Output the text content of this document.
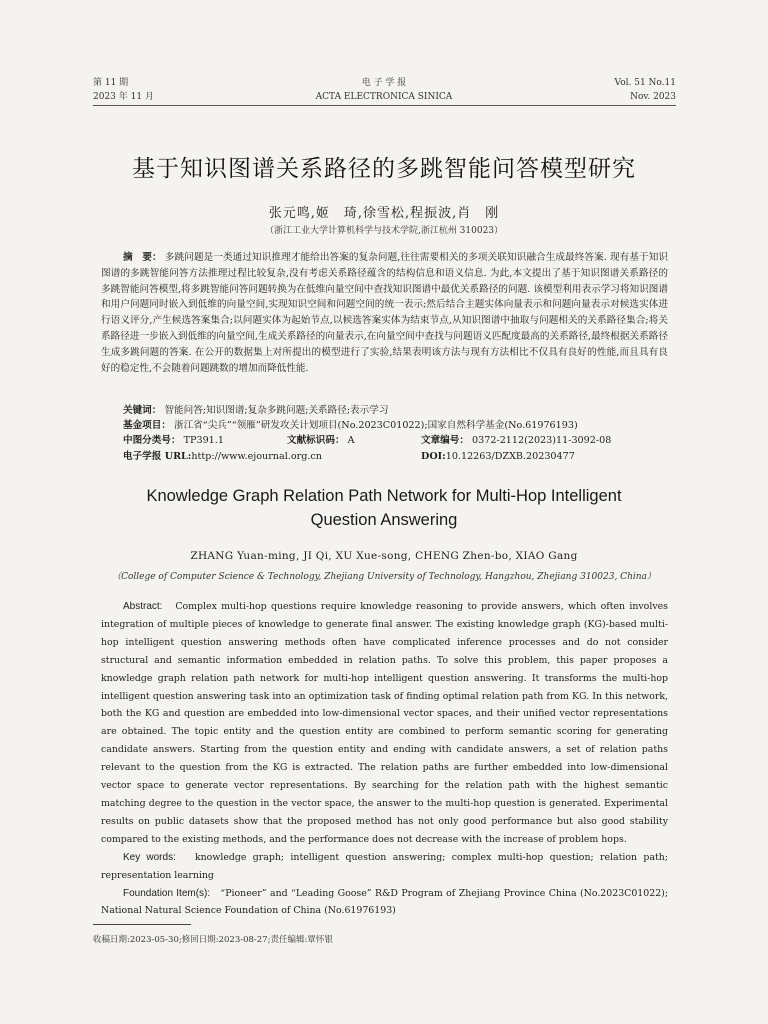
第 11 期
2023 年 11 月
电 子 学 报
ACTA ELECTRONICA SINICA
Vol. 51 No.11
Nov. 2023
基于知识图谱关系路径的多跳智能问答模型研究
张元鸣,姬　琦,徐雪松,程振波,肖　刚
（浙江工业大学计算机科学与技术学院,浙江杭州 310023）
摘　要： 多跳问题是一类通过知识推理才能给出答案的复杂问题,往往需要相关的多项关联知识融合生成最终答案. 现有基于知识图谱的多跳智能问答方法推理过程比较复杂,没有考虑关系路径蕴含的结构信息和语义信息. 为此,本文提出了基于知识图谱关系路径的多跳智能问答模型,将多跳智能问答问题转换为在低维向量空间中查找知识图谱中最优关系路径的问题. 该模型利用表示学习将知识图谱和用户问题同时嵌入到低维的向量空间,实现知识空间和问题空间的统一表示;然后结合主题实体向量表示和问题向量表示对候选实体进行语义评分,产生候选答案集合;以问题实体为起始节点,以候选答案实体为结束节点,从知识图谱中抽取与问题相关的关系路径集合;将关系路径进一步嵌入到低维的向量空间,生成关系路径的向量表示,在向量空间中查找与问题语义匹配度最高的关系路径,最终根据关系路径生成多跳问题的答案. 在公开的数据集上对所提出的模型进行了实验,结果表明该方法与现有方法相比不仅具有良好的性能,而且具有良好的稳定性,不会随着问题跳数的增加而降低性能.
关键词： 智能问答;知识图谱;复杂多跳问题;关系路径;表示学习
基金项目： 浙江省“尖兵”“领雁”研发攻关计划项目(No.2023C01022);国家自然科学基金(No.61976193)
中图分类号： TP391.1	文献标识码： A	文章编号： 0372-2112(2023)11-3092-08
电子学报 URL:http://www.ejournal.org.cn	DOI:10.12263/DZXB.20230477
Knowledge Graph Relation Path Network for Multi-Hop Intelligent Question Answering
ZHANG Yuan-ming, JI Qi, XU Xue-song, CHENG Zhen-bo, XIAO Gang
（College of Computer Science & Technology, Zhejiang University of Technology, Hangzhou, Zhejiang 310023, China）
Abstract: Complex multi-hop questions require knowledge reasoning to provide answers, which often involves integration of multiple pieces of knowledge to generate final answer. The existing knowledge graph (KG)-based multi-hop intelligent question answering methods often have complicated inference processes and do not consider structural and semantic information embedded in relation paths. To solve this problem, this paper proposes a knowledge graph relation path network for multi-hop intelligent question answering. It transforms the multi-hop intelligent question answering task into an optimization task of finding optimal relation path from KG. In this network, both the KG and question are embedded into low-dimensional vector spaces, and their unified vector representations are obtained. The topic entity and the question entity are combined to perform semantic scoring for generating candidate answers. Starting from the question entity and ending with candidate answers, a set of relation paths relevant to the question from the KG is extracted. The relation paths are further embedded into low-dimensional vector space to generate vector representations. By searching for the relation path with the highest semantic matching degree to the question in the vector space, the answer to the multi-hop question is generated. Experimental results on public datasets show that the proposed method has not only good performance but also good stability compared to the existing methods, and the performance does not decrease with the increase of problem hops.
Key words: knowledge graph; intelligent question answering; complex multi-hop question; relation path; representation learning
Foundation Item(s): “Pioneer” and “Leading Goose” R&D Program of Zhejiang Province China (No.2023C01022); National Natural Science Foundation of China (No.61976193)
收稿日期:2023-05-30;修回日期:2023-08-27;责任编辑:覃怀银
